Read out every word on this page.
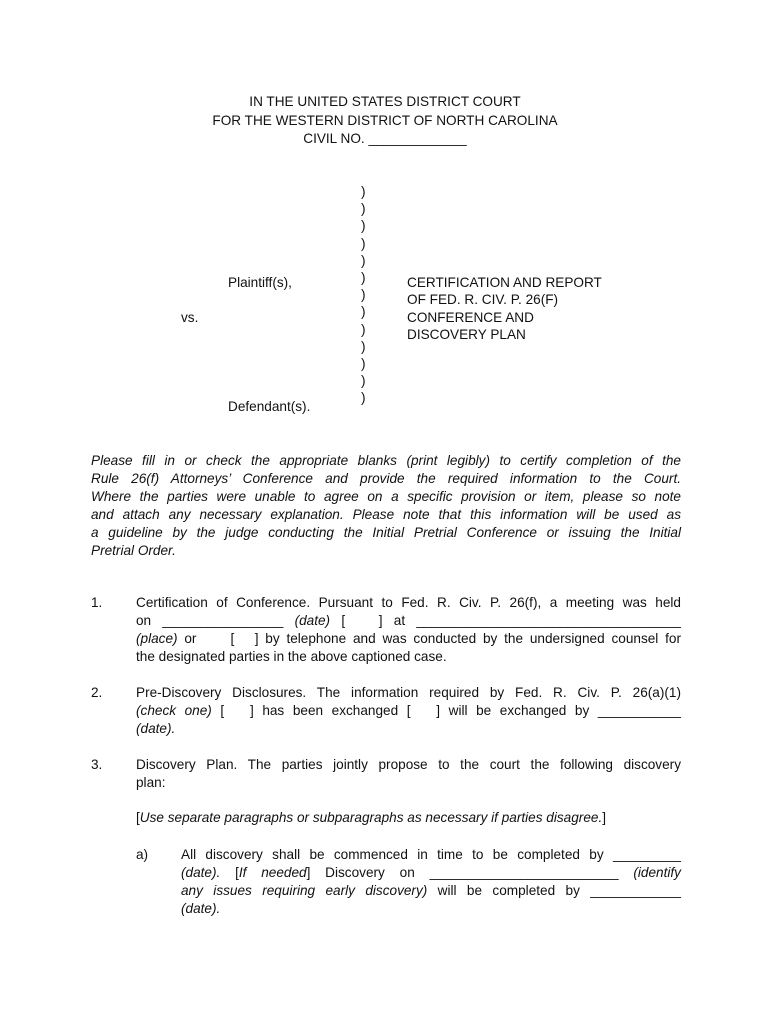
IN THE UNITED STATES DISTRICT COURT
FOR THE WESTERN DISTRICT OF NORTH CAROLINA
CIVIL NO. _____________
)
)
)
)
)
)
)
)
)
)
)
)
)
Plaintiff(s),
vs.
Defendant(s).
CERTIFICATION AND REPORT
OF FED. R. CIV. P. 26(F)
CONFERENCE AND
DISCOVERY PLAN
Please fill in or check the appropriate blanks (print legibly) to certify completion of the
Rule 26(f) Attorneys’ Conference and provide the required information to the Court.
Where the parties were unable to agree on a specific provision or item, please so note
and attach any necessary explanation. Please note that this information will be used as
a guideline by the judge conducting the Initial Pretrial Conference or issuing the Initial
Pretrial Order.
1. Certification of Conference. Pursuant to Fed. R. Civ. P. 26(f), a meeting was held
on ________________ (date) [   ] at ___________________________________
(place) or     [   ] by telephone and was conducted by the undersigned counsel for
the designated parties in the above captioned case.
2. Pre-Discovery Disclosures. The information required by Fed. R. Civ. P. 26(a)(1)
(check one) [   ] has been exchanged [   ] will be exchanged by ___________
(date).
3. Discovery Plan. The parties jointly propose to the court the following discovery
plan:
[Use separate paragraphs or subparagraphs as necessary if parties disagree.]
a) All discovery shall be commenced in time to be completed by _________
(date). [If needed] Discovery on _________________________ (identify
any issues requiring early discovery) will be completed by ____________
(date).
